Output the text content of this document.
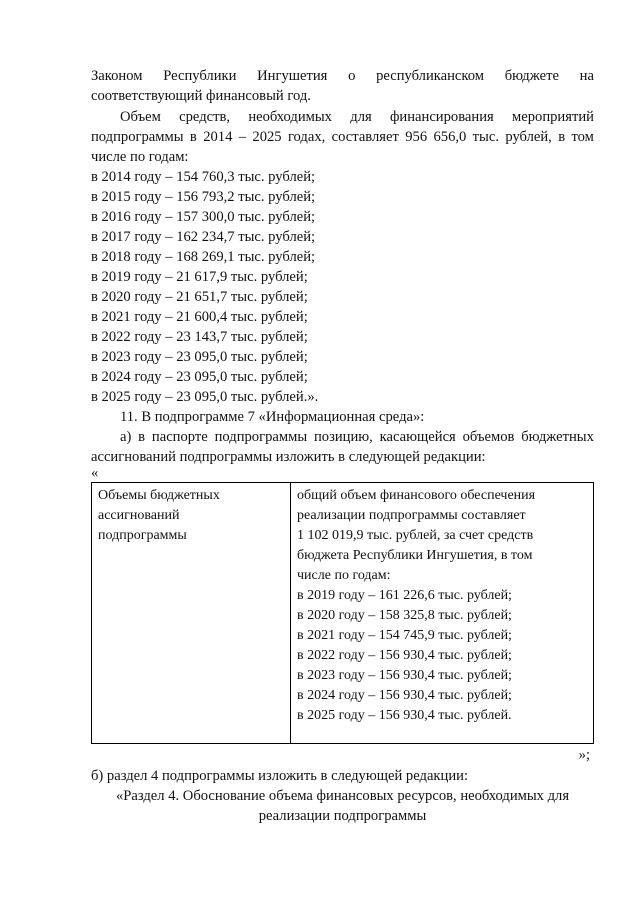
Законом Республики Ингушетия о республиканском бюджете на
соответствующий финансовый год.
Объем средств, необходимых для финансирования мероприятий
подпрограммы в 2014 – 2025 годах, составляет 956 656,0 тыс. рублей, в том
числе по годам:
в 2014 году – 154 760,3 тыс. рублей;
в 2015 году – 156 793,2 тыс. рублей;
в 2016 году – 157 300,0 тыс. рублей;
в 2017 году – 162 234,7 тыс. рублей;
в 2018 году – 168 269,1 тыс. рублей;
в 2019 году – 21 617,9 тыс. рублей;
в 2020 году – 21 651,7 тыс. рублей;
в 2021 году – 21 600,4 тыс. рублей;
в 2022 году – 23 143,7 тыс. рублей;
в 2023 году – 23 095,0 тыс. рублей;
в 2024 году – 23 095,0 тыс. рублей;
в 2025 году – 23 095,0 тыс. рублей.».
11. В подпрограмме 7 «Информационная среда»:
а) в паспорте подпрограммы позицию, касающейся объемов бюджетных
ассигнований подпрограммы изложить в следующей редакции:
«
Объемы бюджетных
ассигнований
подпрограммы

общий объем финансового обеспечения
реализации подпрограммы составляет
1 102 019,9 тыс. рублей, за счет средств
бюджета Республики Ингушетия, в том
числе по годам:
в 2019 году – 161 226,6 тыс. рублей;
в 2020 году – 158 325,8 тыс. рублей;
в 2021 году – 154 745,9 тыс. рублей;
в 2022 году – 156 930,4 тыс. рублей;
в 2023 году – 156 930,4 тыс. рублей;
в 2024 году – 156 930,4 тыс. рублей;
в 2025 году – 156 930,4 тыс. рублей.
»;
б) раздел 4 подпрограммы изложить в следующей редакции:
«Раздел 4. Обоснование объема финансовых ресурсов, необходимых для
реализации подпрограммы
